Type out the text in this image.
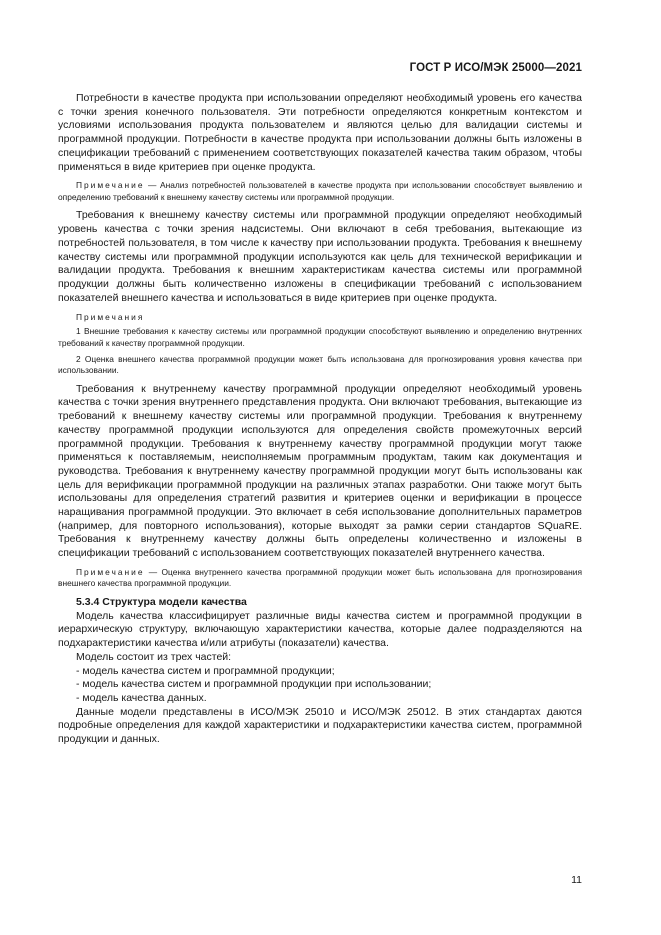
ГОСТ Р ИСО/МЭК 25000—2021

Потребности в качестве продукта при использовании определяют необходимый уровень его качества с точки зрения конечного пользователя. Эти потребности определяются конкретным контекстом и условиями использования продукта пользователем и являются целью для валидации системы и программной продукции. Потребности в качестве продукта при использовании должны быть изложены в спецификации требований с применением соответствующих показателей качества таким образом, чтобы применяться в виде критериев при оценке продукта.

Примечание — Анализ потребностей пользователей в качестве продукта при использовании способствует выявлению и определению требований к внешнему качеству системы или программной продукции.

Требования к внешнему качеству системы или программной продукции определяют необходимый уровень качества с точки зрения надсистемы. Они включают в себя требования, вытекающие из потребностей пользователя, в том числе к качеству при использовании продукта. Требования к внешнему качеству системы или программной продукции используются как цель для технической верификации и валидации продукта. Требования к внешним характеристикам качества системы или программной продукции должны быть количественно изложены в спецификации требований с использованием показателей внешнего качества и использоваться в виде критериев при оценке продукта.

Примечания

1 Внешние требования к качеству системы или программной продукции способствуют выявлению и определению внутренних требований к качеству программной продукции.

2 Оценка внешнего качества программной продукции может быть использована для прогнозирования уровня качества при использовании.

Требования к внутреннему качеству программной продукции определяют необходимый уровень качества с точки зрения внутреннего представления продукта. Они включают требования, вытекающие из требований к внешнему качеству системы или программной продукции. Требования к внутреннему качеству программной продукции используются для определения свойств промежуточных версий программной продукции. Требования к внутреннему качеству программной продукции могут также применяться к поставляемым, неисполняемым программным продуктам, таким как документация и руководства. Требования к внутреннему качеству программной продукции могут быть использованы как цель для верификации программной продукции на различных этапах разработки. Они также могут быть использованы для определения стратегий развития и критериев оценки и верификации в процессе наращивания программной продукции. Это включает в себя использование дополнительных параметров (например, для повторного использования), которые выходят за рамки серии стандартов SQuaRE. Требования к внутреннему качеству должны быть определены количественно и изложены в спецификации требований с использованием соответствующих показателей внутреннего качества.

Примечание — Оценка внутреннего качества программной продукции может быть использована для прогнозирования внешнего качества программной продукции.

5.3.4 Структура модели качества

Модель качества классифицирует различные виды качества систем и программной продукции в иерархическую структуру, включающую характеристики качества, которые далее подразделяются на подхарактеристики качества и/или атрибуты (показатели) качества.

Модель состоит из трех частей:

- модель качества систем и программной продукции;

- модель качества систем и программной продукции при использовании;

- модель качества данных.

Данные модели представлены в ИСО/МЭК 25010 и ИСО/МЭК 25012. В этих стандартах даются подробные определения для каждой характеристики и подхарактеристики качества систем, программной продукции и данных.

11
